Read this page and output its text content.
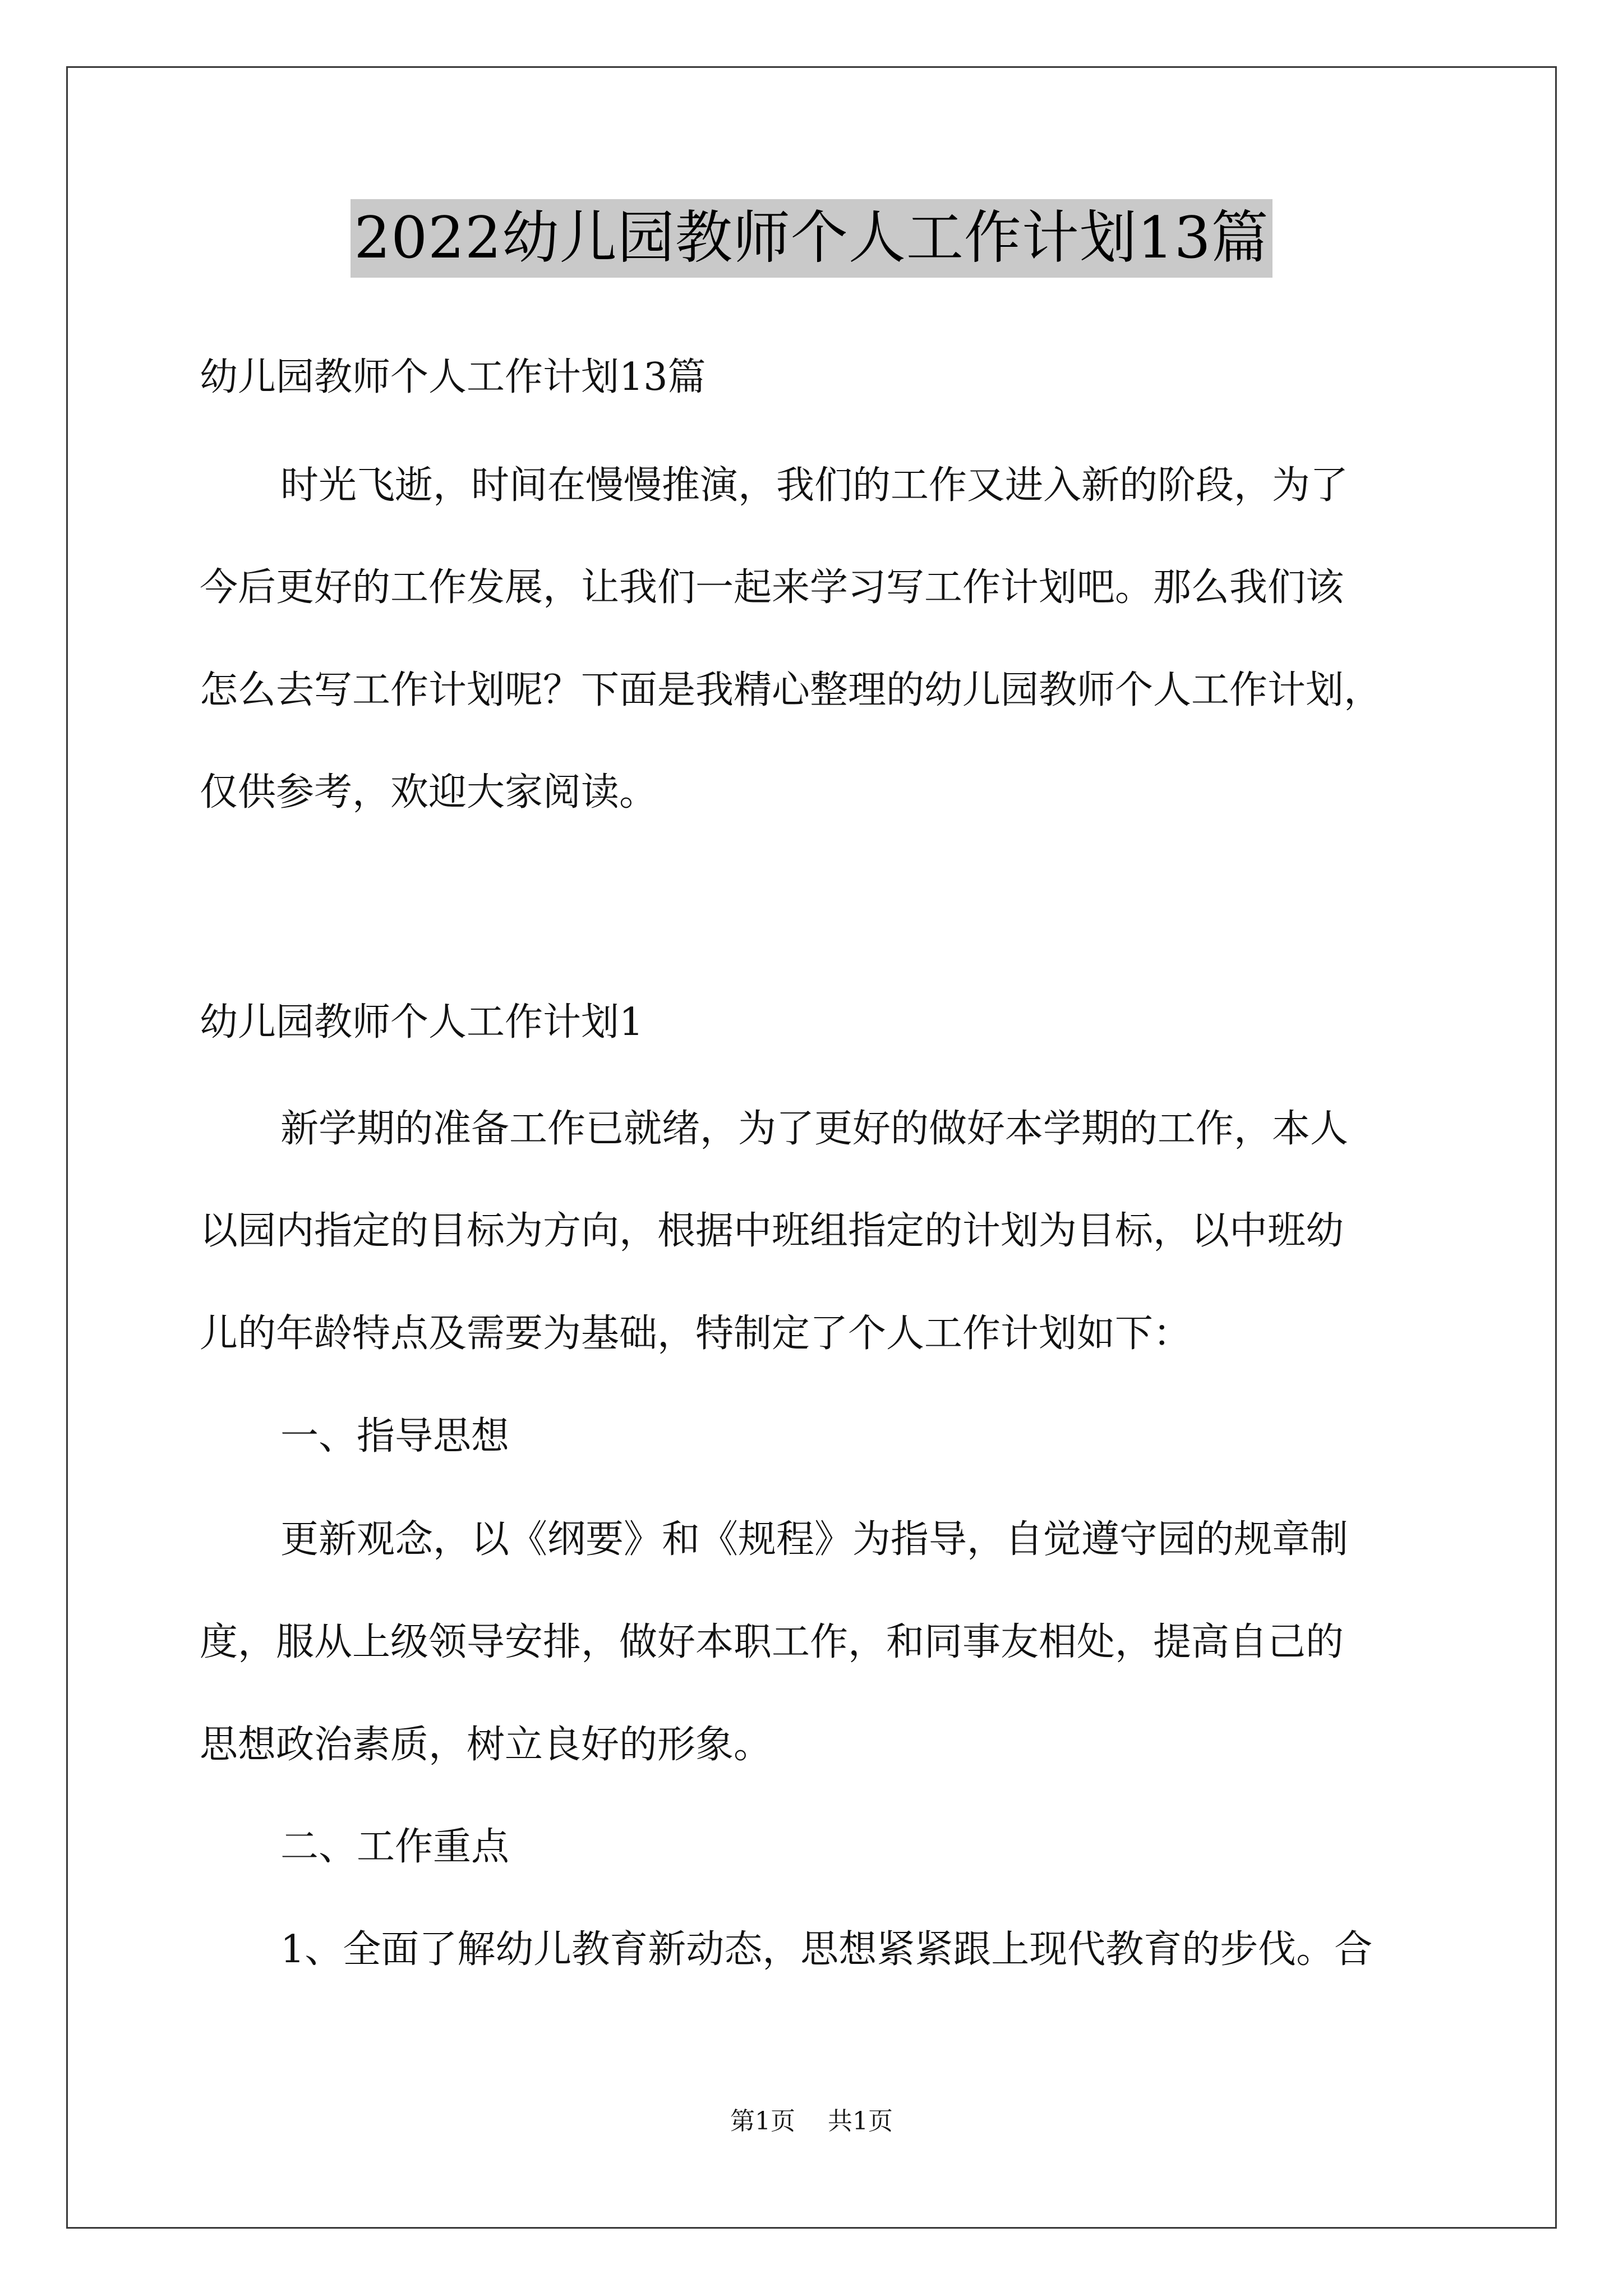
2022幼儿园教师个人工作计划13篇
幼儿园教师个人工作计划13篇
时光飞逝，时间在慢慢推演，我们的工作又进入新的阶段，为了
今后更好的工作发展，让我们一起来学习写工作计划吧。那么我们该
怎么去写工作计划呢？下面是我精心整理的幼儿园教师个人工作计划，
仅供参考，欢迎大家阅读。
幼儿园教师个人工作计划1
新学期的准备工作已就绪，为了更好的做好本学期的工作，本人
以园内指定的目标为方向，根据中班组指定的计划为目标，以中班幼
儿的年龄特点及需要为基础，特制定了个人工作计划如下：
一、指导思想
更新观念，以《纲要》和《规程》为指导，自觉遵守园的规章制
度，服从上级领导安排，做好本职工作，和同事友相处，提高自己的
思想政治素质，树立良好的形象。
二、工作重点
1、全面了解幼儿教育新动态，思想紧紧跟上现代教育的步伐。合
第1页 共1页
